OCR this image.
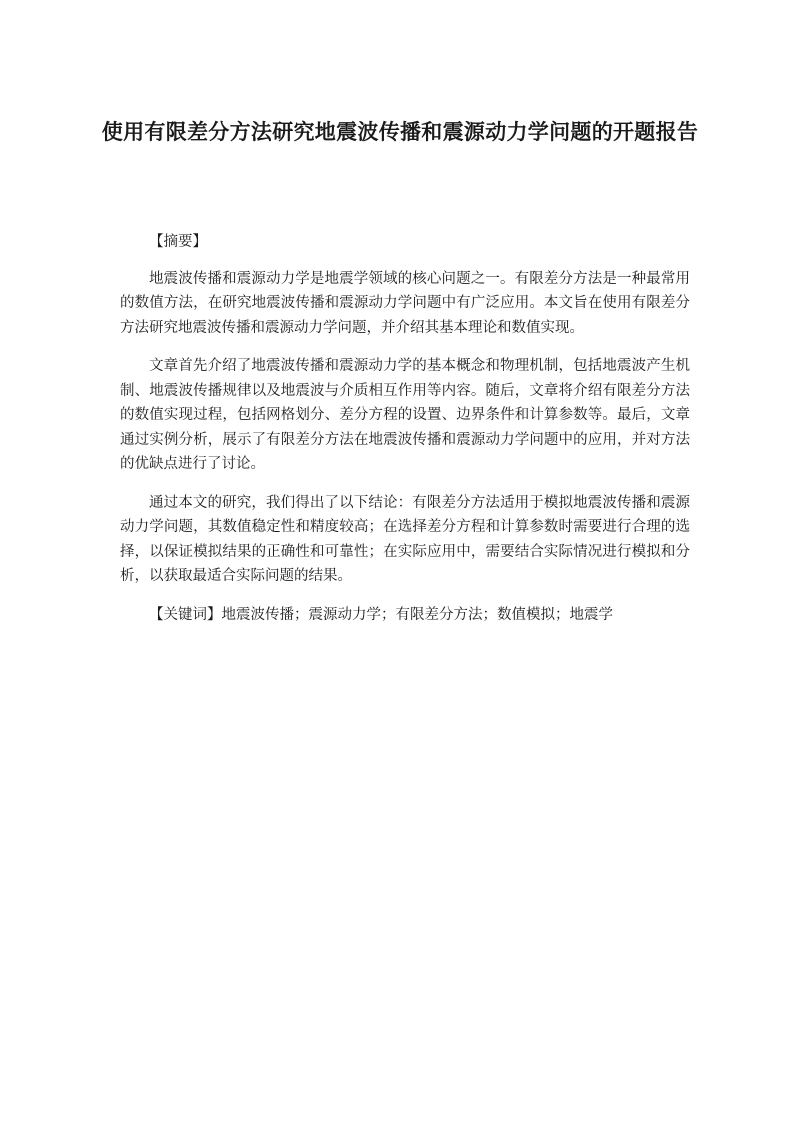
使用有限差分方法研究地震波传播和震源动力学问题的开题报告

【摘要】

地震波传播和震源动力学是地震学领域的核心问题之一。有限差分方法是一种最常用的数值方法，在研究地震波传播和震源动力学问题中有广泛应用。本文旨在使用有限差分方法研究地震波传播和震源动力学问题，并介绍其基本理论和数值实现。

文章首先介绍了地震波传播和震源动力学的基本概念和物理机制，包括地震波产生机制、地震波传播规律以及地震波与介质相互作用等内容。随后，文章将介绍有限差分方法的数值实现过程，包括网格划分、差分方程的设置、边界条件和计算参数等。最后，文章通过实例分析，展示了有限差分方法在地震波传播和震源动力学问题中的应用，并对方法的优缺点进行了讨论。

通过本文的研究，我们得出了以下结论：有限差分方法适用于模拟地震波传播和震源动力学问题，其数值稳定性和精度较高；在选择差分方程和计算参数时需要进行合理的选择，以保证模拟结果的正确性和可靠性；在实际应用中，需要结合实际情况进行模拟和分析，以获取最适合实际问题的结果。

【关键词】地震波传播；震源动力学；有限差分方法；数值模拟；地震学
